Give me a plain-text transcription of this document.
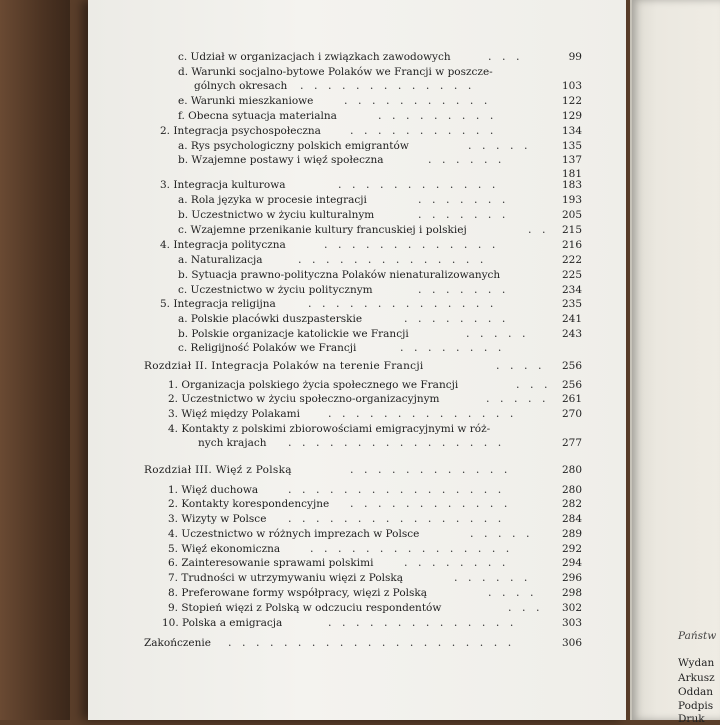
Państw
Wydan
Arkusz
Oddan
Podpis
Druk
c. Udział w organizacjach i związkach zawodowych	.   .   .	99
d. Warunki socjalno-bytowe Polaków we Francji w poszcze-
gólnych okresach .   .   .   .   .   .   .   .   .   .   .   .   .	103
e. Warunki mieszkaniowe	.   .   .   .   .   .   .   .   .   .   .	122
f. Obecna sytuacja materialna	.   .   .   .   .   .   .   .   .	129
2. Integracja psychospołeczna	.   .   .   .   .   .   .   .   .   .   .	134
a. Rys psychologiczny polskich emigrantów	.   .   .   .   .	135
b. Wzajemne postawy i więź społeczna	.   .   .   .   .   .	137
181
3. Integracja kulturowa	.   .   .   .   .   .   .   .   .   .   .   .	183
a. Rola języka w procesie integracji	.   .   .   .   .   .   .	193
b. Uczestnictwo w życiu kulturalnym	.   .   .   .   .   .   .	205
c. Wzajemne przenikanie kultury francuskiej i polskiej	.   . 215
4. Integracja polityczna	.   .   .   .   .   .   .   .   .   .   .   .   .	216
a. Naturalizacja	.   .   .   .   .   .   .   .   .   .   .   .   .   .	222
b. Sytuacja prawno-polityczna Polaków nienaturalizowanych	225
c. Uczestnictwo w życiu politycznym	.   .   .   .   .   .   .	234
5. Integracja religijna	.   .   .   .   .   .   .   .   .   .   .   .   .   .	235
a. Polskie placówki duszpasterskie	.   .   .   .   .   .   .   .	241
b. Polskie organizacje katolickie we Francji	.   .   .   .   .	243
c. Religijność Polaków we Francji	.   .   .   .   .   .   .   .
Rozdział II. Integracja Polaków na terenie Francji	.   .   .   . 256
1. Organizacja polskiego życia społecznego we Francji	.   .   . 256
2. Uczestnictwo w życiu społeczno-organizacyjnym	.   .   .   .   . 261
3. Więź między Polakami	.   .   .   .   .   .   .   .   .   .   .   .   .   .	270
4. Kontakty z polskimi zbiorowościami emigracyjnymi w róż-
nych krajach .   .   .   .   .   .   .   .   .   .   .   .   .   .   .   .	277
Rozdział III. Więź z Polską	.   .   .   .   .   .   .   .   .   .   .   .	280
1. Więź duchowa	.   .   .   .   .   .   .   .   .   .   .   .   .   .   .   .	280
2. Kontakty korespondencyjne .   .   .   .   .   .   .   .   .   .   .   .	282
3. Wizyty w Polsce .   .   .   .   .   .   .   .   .   .   .   .   .   .   .   .	284
4. Uczestnictwo w różnych imprezach w Polsce	.   .   .   .   .	289
5. Więź ekonomiczna	.   .   .   .   .   .   .   .   .   .   .   .   .   .   .	292
6. Zainteresowanie sprawami polskimi	.   .   .   .   .   .   .   .	294
7. Trudności w utrzymywaniu więzi z Polską	.   .   .   .   .   .	296
8. Preferowane formy współpracy, więzi z Polską	.   .   .   .	298
9. Stopień więzi z Polską w odczuciu respondentów	.   .   . 302
10. Polska a emigracja	.   .   .   .   .   .   .   .   .   .   .   .   .   .	303
Zakończenie .   .   .   .   .   .   .   .   .   .   .   .   .   .   .   .   .   .   .   .   .	306
